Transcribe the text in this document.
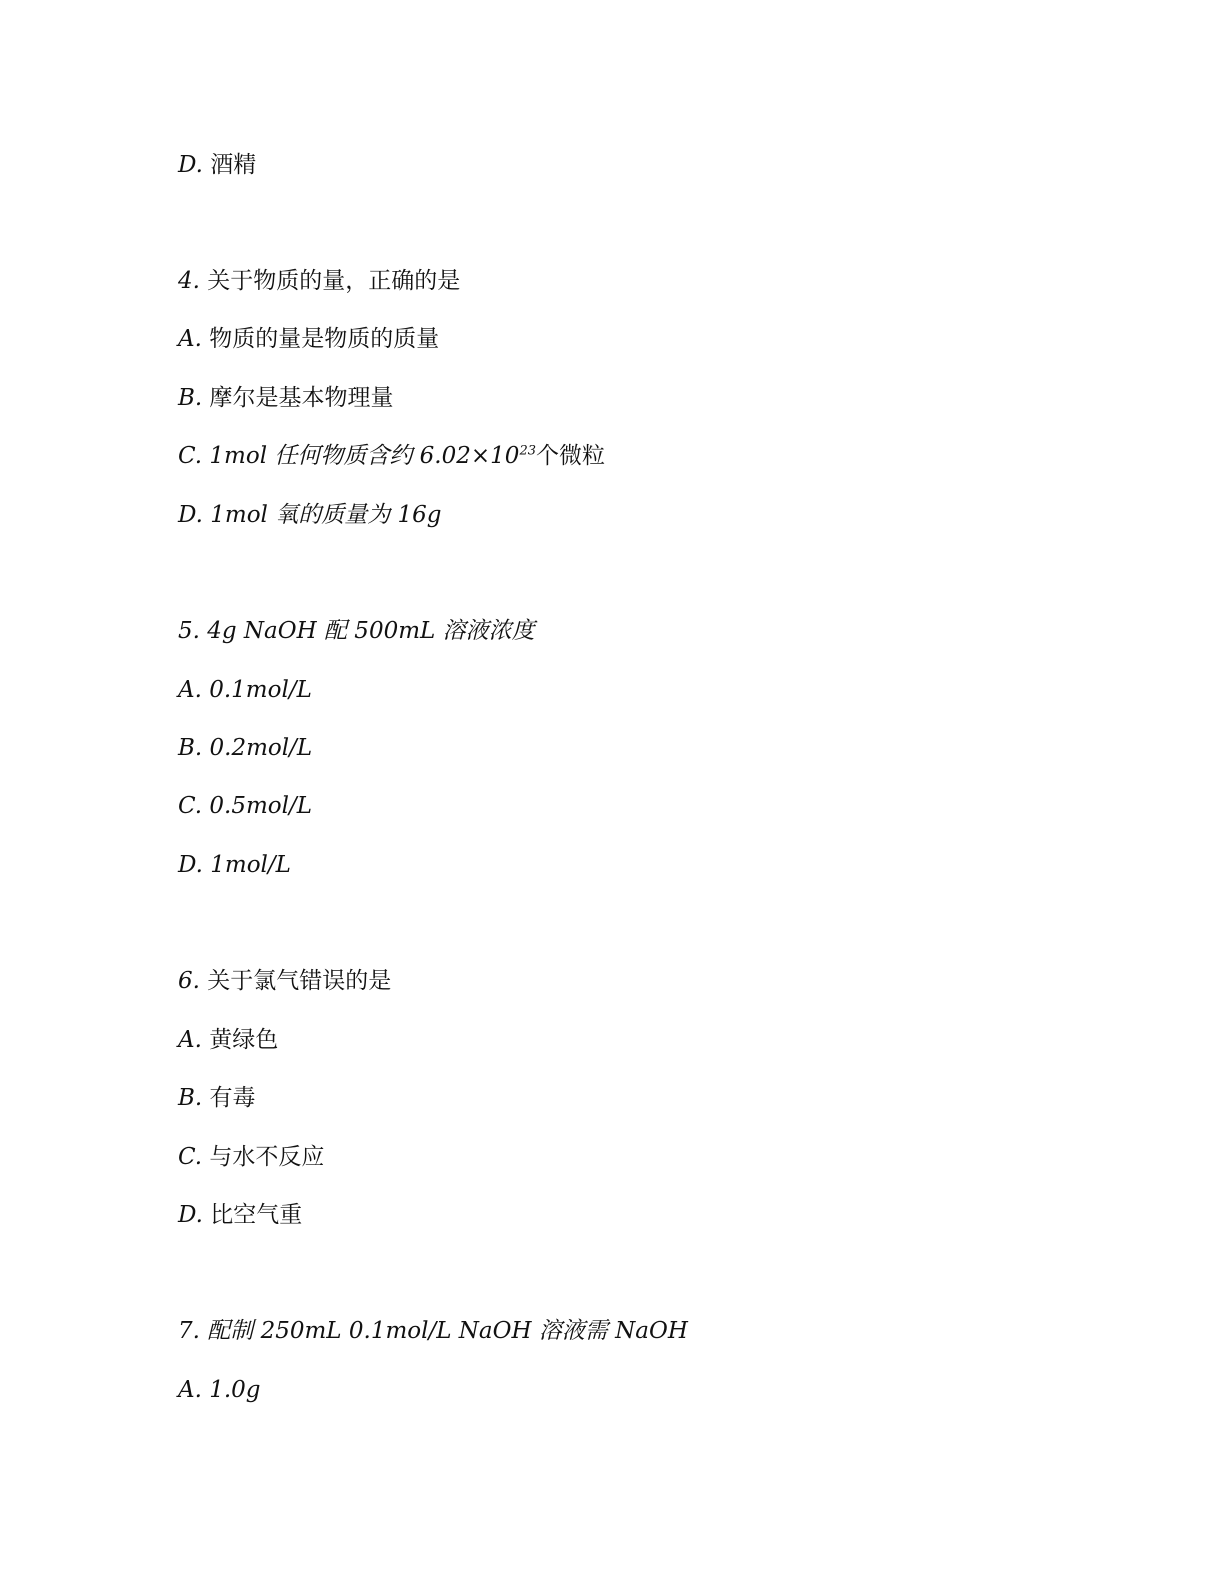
D. 酒精
4. 关于物质的量，正确的是
A. 物质的量是物质的质量
B. 摩尔是基本物理量
C. 1mol 任何物质含约 $6.02\times 10^{23}$个微粒
D. 1mol 氧的质量为 16g
5. 4g NaOH 配 500mL 溶液浓度
A. 0.1mol/L
B. 0.2mol/L
C. 0.5mol/L
D. 1mol/L
6. 关于氯气错误的是
A. 黄绿色
B. 有毒
C. 与水不反应
D. 比空气重
7. 配制 250mL 0.1mol/L NaOH 溶液需 NaOH
A. 1.0g
